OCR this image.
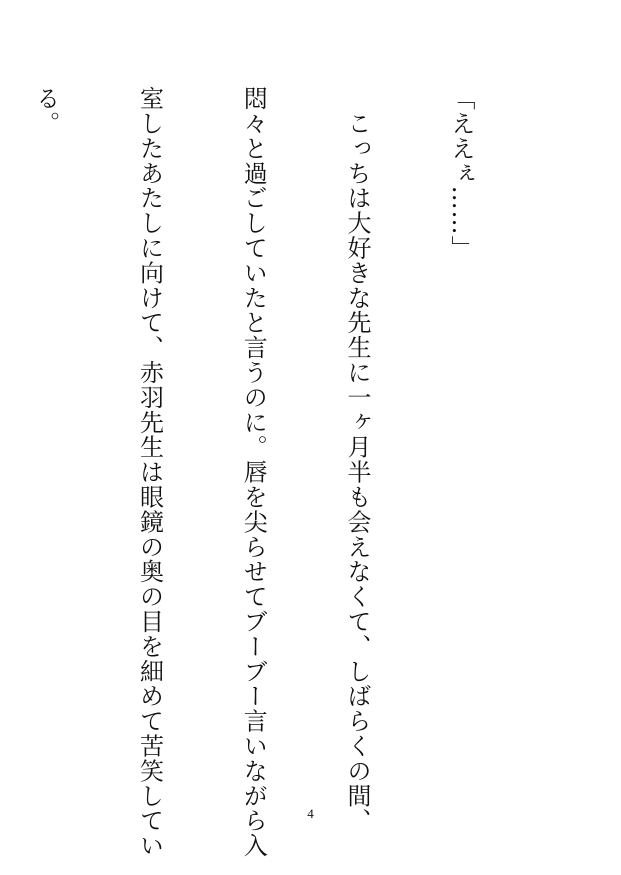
「ええぇ……」

　こっちは大好きな先生に一ヶ月半も会えなくて、しばらくの間、

悶々と過ごしていたと言うのに。唇を尖らせてブーブー言いながら入

室したあたしに向けて、赤羽先生は眼鏡の奥の目を細めて苦笑してい

る。

4
